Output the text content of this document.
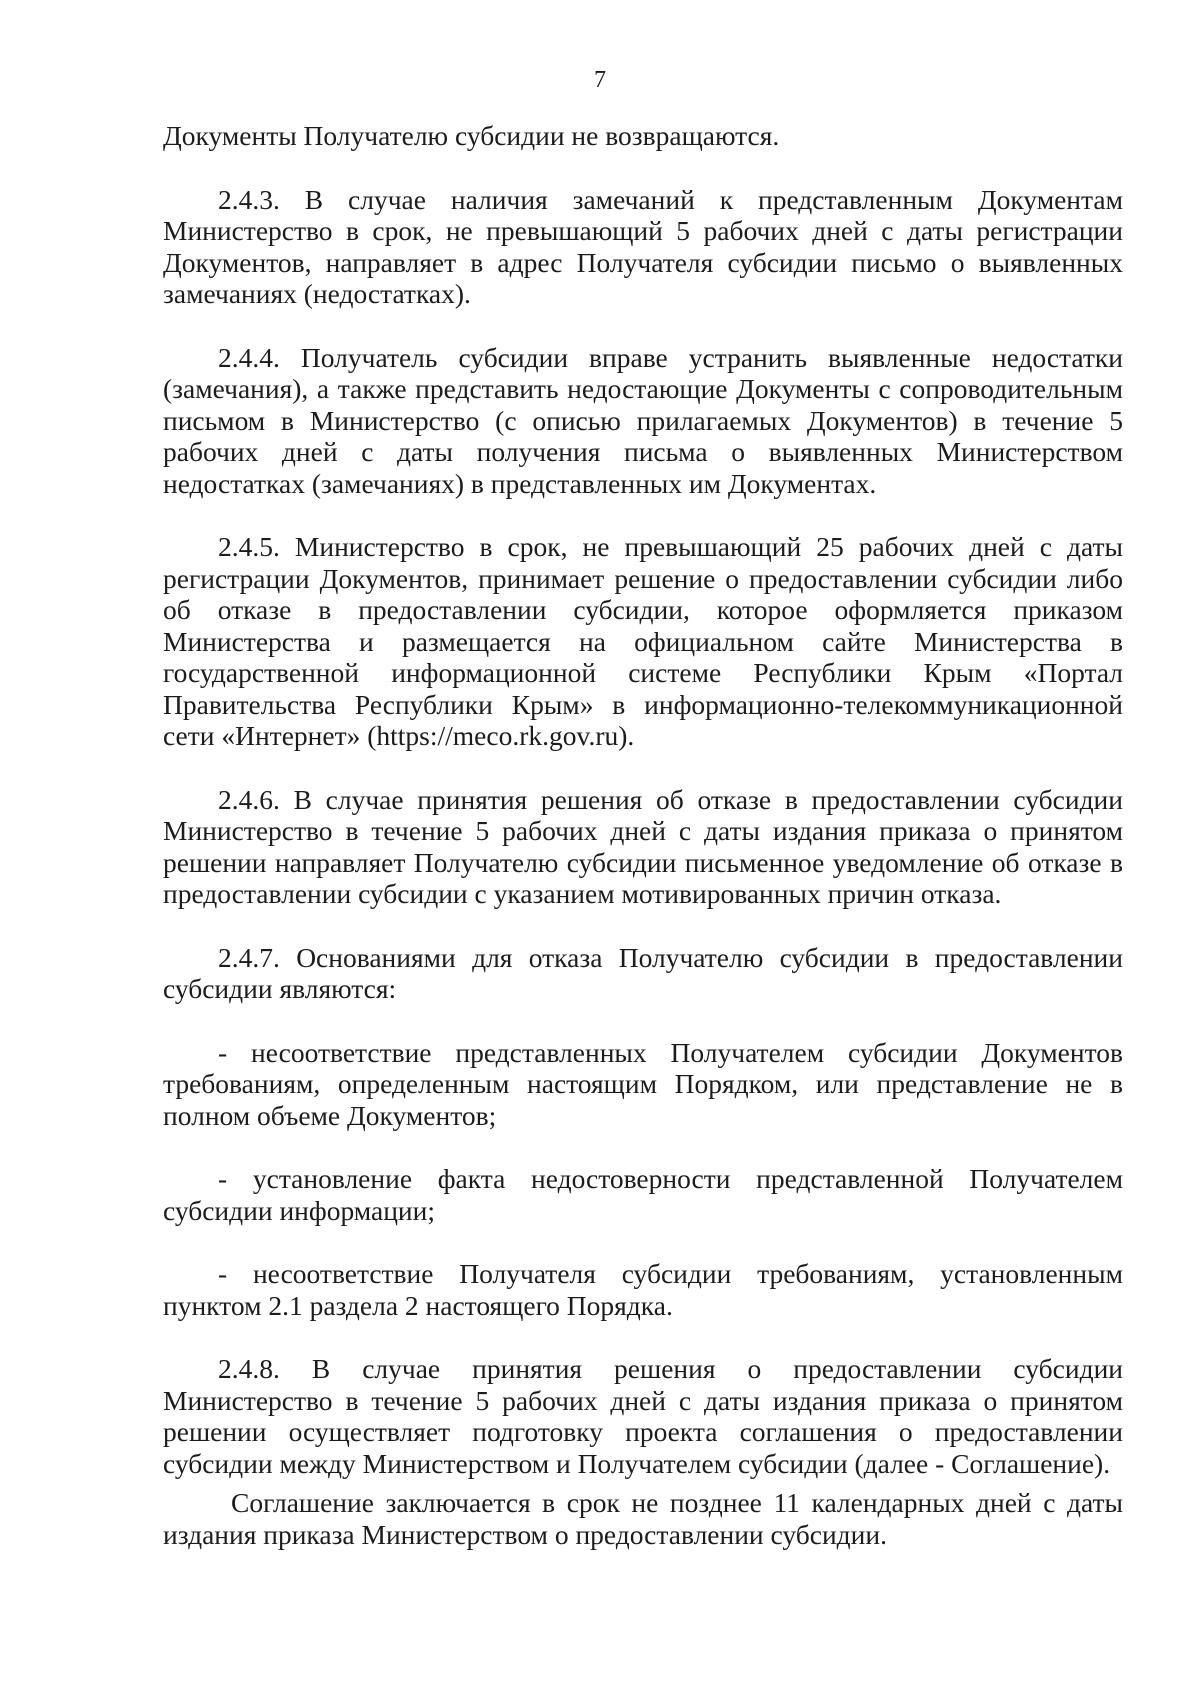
7

Документы Получателю субсидии не возвращаются.

2.4.3. В случае наличия замечаний к представленным Документам Министерство в срок, не превышающий 5 рабочих дней с даты регистрации Документов, направляет в адрес Получателя субсидии письмо о выявленных замечаниях (недостатках).

2.4.4. Получатель субсидии вправе устранить выявленные недостатки (замечания), а также представить недостающие Документы с сопроводительным письмом в Министерство (с описью прилагаемых Документов) в течение 5 рабочих дней с даты получения письма о выявленных Министерством недостатках (замечаниях) в представленных им Документах.

2.4.5. Министерство в срок, не превышающий 25 рабочих дней с даты регистрации Документов, принимает решение о предоставлении субсидии либо об отказе в предоставлении субсидии, которое оформляется приказом Министерства и размещается на официальном сайте Министерства в государственной информационной системе Республики Крым «Портал Правительства Республики Крым» в информационно-телекоммуникационной сети «Интернет» (https://meco.rk.gov.ru).

2.4.6. В случае принятия решения об отказе в предоставлении субсидии Министерство в течение 5 рабочих дней с даты издания приказа о принятом решении направляет Получателю субсидии письменное уведомление об отказе в предоставлении субсидии с указанием мотивированных причин отказа.

2.4.7. Основаниями для отказа Получателю субсидии в предоставлении субсидии являются:

- несоответствие представленных Получателем субсидии Документов требованиям, определенным настоящим Порядком, или представление не в полном объеме Документов;

- установление факта недостоверности представленной Получателем субсидии информации;

- несоответствие Получателя субсидии требованиям, установленным пунктом 2.1 раздела 2 настоящего Порядка.

2.4.8. В случае принятия решения о предоставлении субсидии Министерство в течение 5 рабочих дней с даты издания приказа о принятом решении осуществляет подготовку проекта соглашения о предоставлении субсидии между Министерством и Получателем субсидии (далее - Соглашение).

Соглашение заключается в срок не позднее 11 календарных дней с даты издания приказа Министерством о предоставлении субсидии.
